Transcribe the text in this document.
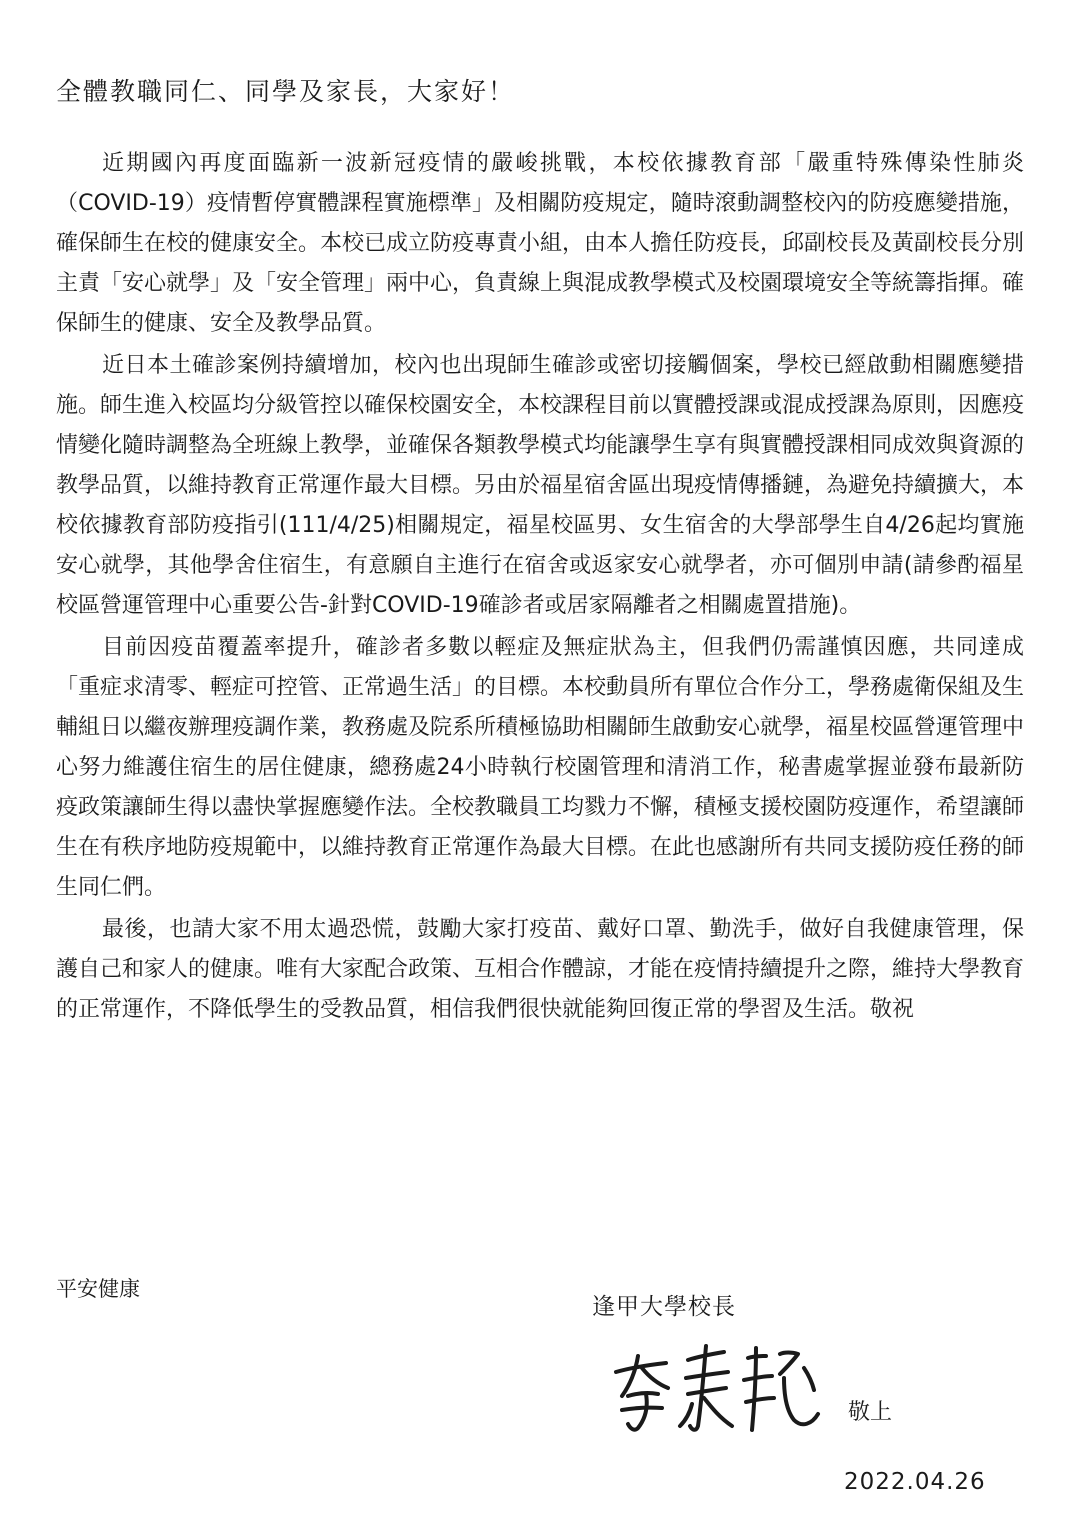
全體教職同仁、同學及家長，大家好！

近期國內再度面臨新一波新冠疫情的嚴峻挑戰，本校依據教育部「嚴重特殊傳染性肺炎（COVID-19）疫情暫停實體課程實施標準」及相關防疫規定，隨時滾動調整校內的防疫應變措施，確保師生在校的健康安全。本校已成立防疫專責小組，由本人擔任防疫長，邱副校長及黃副校長分別主責「安心就學」及「安全管理」兩中心，負責線上與混成教學模式及校園環境安全等統籌指揮。確保師生的健康、安全及教學品質。

近日本土確診案例持續增加，校內也出現師生確診或密切接觸個案，學校已經啟動相關應變措施。師生進入校區均分級管控以確保校園安全，本校課程目前以實體授課或混成授課為原則，因應疫情變化隨時調整為全班線上教學，並確保各類教學模式均能讓學生享有與實體授課相同成效與資源的教學品質，以維持教育正常運作最大目標。另由於福星宿舍區出現疫情傳播鏈，為避免持續擴大，本校依據教育部防疫指引(111/4/25)相關規定，福星校區男、女生宿舍的大學部學生自4/26起均實施安心就學，其他學舍住宿生，有意願自主進行在宿舍或返家安心就學者，亦可個別申請(請參酌福星校區營運管理中心重要公告-針對COVID-19確診者或居家隔離者之相關處置措施)。

目前因疫苗覆蓋率提升，確診者多數以輕症及無症狀為主，但我們仍需謹慎因應，共同達成「重症求清零、輕症可控管、正常過生活」的目標。本校動員所有單位合作分工，學務處衛保組及生輔組日以繼夜辦理疫調作業，教務處及院系所積極協助相關師生啟動安心就學，福星校區營運管理中心努力維護住宿生的居住健康，總務處24小時執行校園管理和清消工作，秘書處掌握並發布最新防疫政策讓師生得以盡快掌握應變作法。全校教職員工均戮力不懈，積極支援校園防疫運作，希望讓師生在有秩序地防疫規範中，以維持教育正常運作為最大目標。在此也感謝所有共同支援防疫任務的師生同仁們。

最後，也請大家不用太過恐慌，鼓勵大家打疫苗、戴好口罩、勤洗手，做好自我健康管理，保護自己和家人的健康。唯有大家配合政策、互相合作體諒，才能在疫情持續提升之際，維持大學教育的正常運作，不降低學生的受教品質，相信我們很快就能夠回復正常的學習及生活。敬祝

平安健康
逢甲大學校長
敬上
2022.04.26
